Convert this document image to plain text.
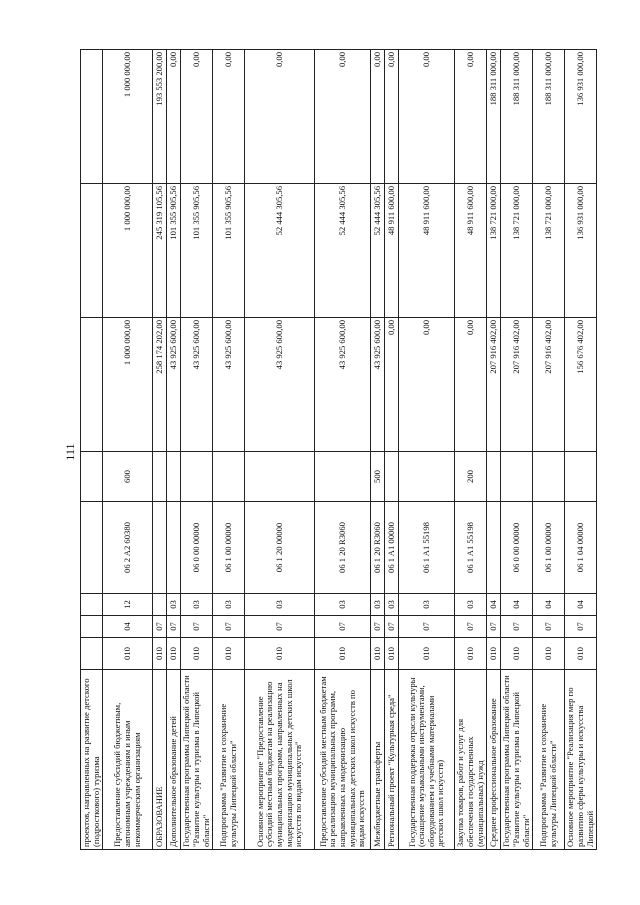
111
проектов, направленных на развитие детского (подросткового) туризма								
Предоставление субсидий бюджетным, автономным учреждениям и иным некоммерческим организациям	010	04	12	06 2 A2 60380	600	1 000 000,00	1 000 000,00	1 000 000,00
ОБРАЗОВАНИЕ	010	07				258 174 202,00	245 319 105,56	193 553 200,00
Дополнительное образование детей	010	07	03			43 925 600,00	101 355 905,56	0,00
Государственная программа Липецкой области "Развитие культуры и туризма в Липецкой области"	010	07	03	06 0 00 00000		43 925 600,00	101 355 905,56	0,00
Подпрограмма "Развитие и сохранение культуры Липецкой области"	010	07	03	06 1 00 00000		43 925 600,00	101 355 905,56	0,00
Основное мероприятие "Предоставление субсидий местным бюджетам на реализацию муниципальных программ, направленных на модернизацию муниципальных детских школ искусств по видам искусств"	010	07	03	06 1 20 00000		43 925 600,00	52 444 305,56	0,00
Предоставление субсидий местным бюджетам на реализацию муниципальных программ, направленных на модернизацию муниципальных детских школ искусств по видам искусств	010	07	03	06 1 20 R3060		43 925 600,00	52 444 305,56	0,00
Межбюджетные трансферты	010	07	03	06 1 20 R3060	500	43 925 600,00	52 444 305,56	0,00
Региональный проект "Культурная среда"	010	07	03	06 1 A1 00000		0,00	48 911 600,00	0,00
Государственная поддержка отрасли культуры (оснащение музыкальными инструментами, оборудованием и учебными материалами детских школ искусств)	010	07	03	06 1 A1 55198		0,00	48 911 600,00	0,00
Закупка товаров, работ и услуг для обеспечения государственных (муниципальных) нужд	010	07	03	06 1 A1 55198	200	0,00	48 911 600,00	0,00
Среднее профессиональное образование	010	07	04			207 916 402,00	138 721 000,00	188 311 000,00
Государственная программа Липецкой области "Развитие культуры и туризма в Липецкой области"	010	07	04	06 0 00 00000		207 916 402,00	138 721 000,00	188 311 000,00
Подпрограмма "Развитие и сохранение культуры Липецкой области"	010	07	04	06 1 00 00000		207 916 402,00	138 721 000,00	188 311 000,00
Основное мероприятие "Реализация мер по развитию сферы культуры и искусства Липецкой	010	07	04	06 1 04 00000		156 676 402,00	136 931 000,00	136 931 000,00
